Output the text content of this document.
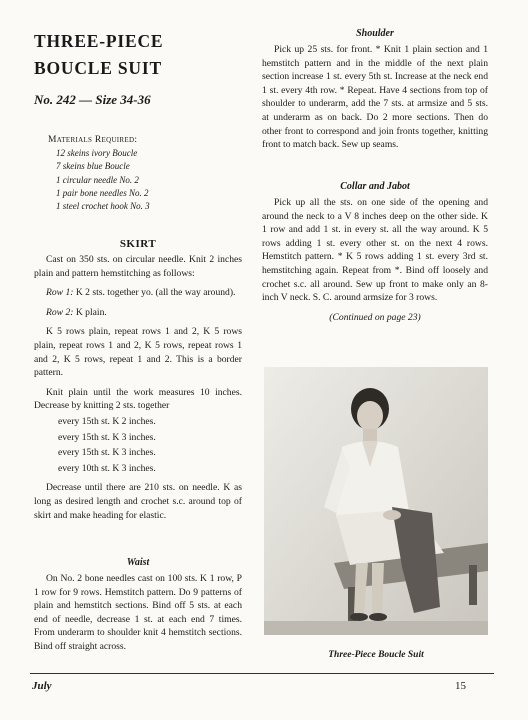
THREE-PIECE BOUCLE SUIT
No. 242 — Size 34-36
Materials Required:
12 skeins ivory Boucle
7 skeins blue Boucle
1 circular needle No. 2
1 pair bone needles No. 2
1 steel crochet hook No. 3
SKIRT

Cast on 350 sts. on circular needle. Knit 2 inches plain and pattern hemstitching as follows:

Row 1: K 2 sts. together yo. (all the way around).

Row 2: K plain.

K 5 rows plain, repeat rows 1 and 2, K 5 rows plain, repeat rows 1 and 2, K 5 rows, repeat rows 1 and 2, K 5 rows, repeat 1 and 2. This is a border pattern.

Knit plain until the work measures 10 inches. Decrease by knitting 2 sts. together

every 15th st. K 2 inches.
every 15th st. K 3 inches.
every 15th st. K 3 inches.
every 10th st. K 3 inches.

Decrease until there are 210 sts. on needle. K as long as desired length and crochet s.c. around top of skirt and make heading for elastic.

Waist

On No. 2 bone needles cast on 100 sts. K 1 row, P 1 row for 9 rows. Hemstitch pattern. Do 9 patterns of plain and hemstitch sections. Bind off 5 sts. at each end of needle, decrease 1 st. at each end 7 times. From underarm to shoulder knit 4 hemstitch sections. Bind off straight across.

Shoulder

Pick up 25 sts. for front. * Knit 1 plain section and 1 hemstitch pattern and in the middle of the next plain section increase 1 st. every 5th st. Increase at the neck end 1 st. every 4th row. * Repeat. Have 4 sections from top of shoulder to underarm, add the 7 sts. at armsize and 5 sts. at underarm as on back. Do 2 more sections. Then do other front to correspond and join fronts together, knitting front to match back. Sew up seams.

Collar and Jabot

Pick up all the sts. on one side of the opening and around the neck to a V 8 inches deep on the other side. K 1 row and add 1 st. in every st. all the way around. K 5 rows adding 1 st. every other st. on the next 4 rows. Hemstitch pattern. * K 5 rows adding 1 st. every 3rd st. hemstitching again. Repeat from *. Bind off loosely and crochet s.c. all around. Sew up front to make only an 8-inch V neck. S. C. around armsize for 3 rows.

(Continued on page 23)

Three-Piece Boucle Suit
July	15
